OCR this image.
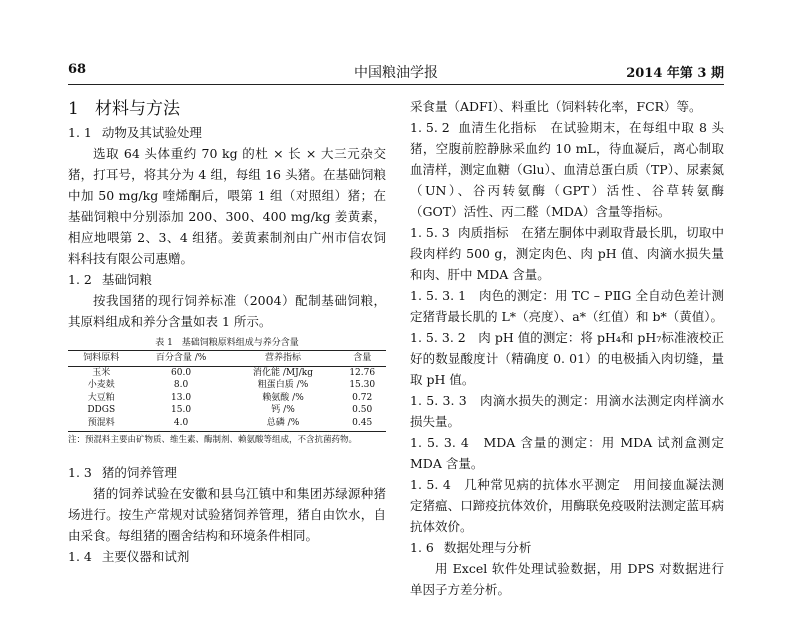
68	中国粮油学报	2014 年第 3 期

1 材料与方法

1. 1 动物及其试验处理

选取 64 头体重约 70 kg 的杜 × 长 × 大三元杂交猪，打耳号，将其分为 4 组，每组 16 头猪。在基础饲粮中加 50 mg/kg 喹烯酮后，喂第 1 组（对照组）猪；在基础饲粮中分别添加 200、300、400 mg/kg 姜黄素，相应地喂第 2、3、4 组猪。姜黄素制剂由广州市信农饲料科技有限公司惠赠。

1. 2 基础饲粮

按我国猪的现行饲养标准（2004）配制基础饲粮，其原料组成和养分含量如表 1 所示。

表 1　基础饲粮原料组成与养分含量
饲料原料	百分含量 /%	营养指标	含量
玉米	60.0	消化能 /MJ/kg	12.76
小麦麸	8.0	粗蛋白质 /%	15.30
大豆粕	13.0	赖氨酸 /%	0.72
DDGS	15.0	钙 /%	0.50
预混料	4.0	总磷 /%	0.45
注：预混料主要由矿物质、维生素、酶制剂、赖氨酸等组成，不含抗菌药物。

1. 3 猪的饲养管理

猪的饲养试验在安徽和县乌江镇中和集团苏绿源种猪场进行。按生产常规对试验猪饲养管理，猪自由饮水，自由采食。每组猪的圈舍结构和环境条件相同。

1. 4 主要仪器和试剂

采食量（ADFI）、料重比（饲料转化率，FCR）等。

1. 5. 2 血清生化指标 在试验期末，在每组中取 8 头猪，空腹前腔静脉采血约 10 mL，待血凝后，离心制取血清样，测定血糖（Glu）、血清总蛋白质（TP）、尿素氮（UN）、谷丙转氨酶（GPT）活性、谷草转氨酶（GOT）活性、丙二醛（MDA）含量等指标。

1. 5. 3 肉质指标 在猪左胴体中剥取背最长肌，切取中段肉样约 500 g，测定肉色、肉 pH 值、肉滴水损失量和肉、肝中 MDA 含量。

1. 5. 3. 1　肉色的测定：用 TC – PⅡG 全自动色差计测定猪背最长肌的 L*（亮度）、a*（红值）和 b*（黄值）。

1. 5. 3. 2　肉 pH 值的测定：将 pH₄和 pH₇标准液校正好的数显酸度计（精确度 0. 01）的电极插入肉切缝，量取 pH 值。

1. 5. 3. 3　肉滴水损失的测定：用滴水法测定肉样滴水损失量。

1. 5. 3. 4　MDA 含量的测定：用 MDA 试剂盒测定 MDA 含量。

1. 5. 4　几种常见病的抗体水平测定　用间接血凝法测定猪瘟、口蹄疫抗体效价，用酶联免疫吸附法测定蓝耳病抗体效价。

1. 6 数据处理与分析

用 Excel 软件处理试验数据，用 DPS 对数据进行单因子方差分析。
